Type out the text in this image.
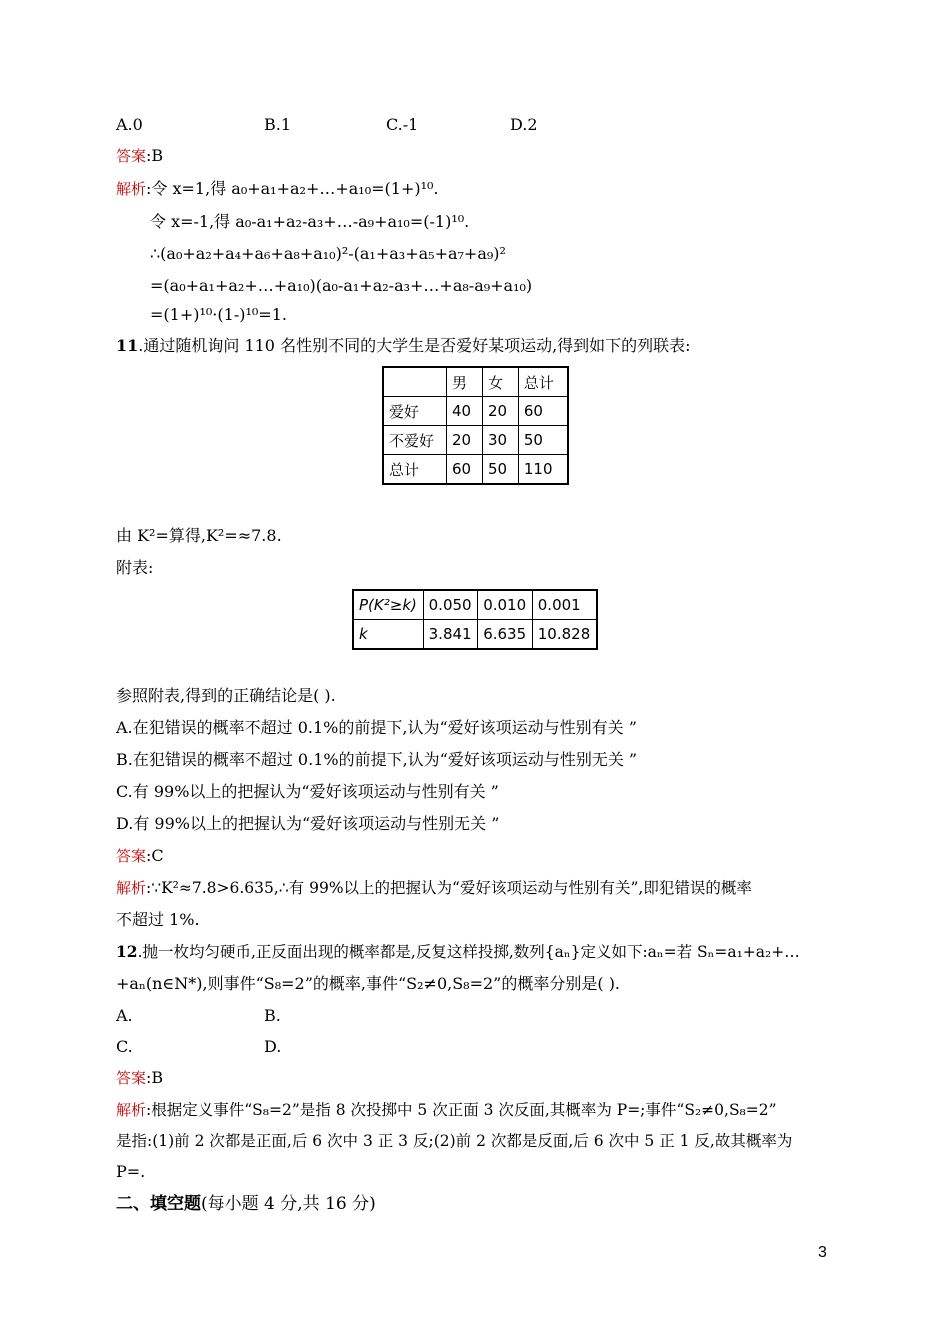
A.0	B.1	C.-1	D.2
答案:B
解析:令 x=1,得 a₀+a₁+a₂+…+a₁₀=(1+)¹⁰.
令 x=-1,得 a₀-a₁+a₂-a₃+…-a₉+a₁₀=(-1)¹⁰.
∴(a₀+a₂+a₄+a₆+a₈+a₁₀)²-(a₁+a₃+a₅+a₇+a₉)²
=(a₀+a₁+a₂+…+a₁₀)(a₀-a₁+a₂-a₃+…+a₈-a₉+a₁₀)
=(1+)¹⁰·(1-)¹⁰=1.
11.通过随机询问 110 名性别不同的大学生是否爱好某项运动,得到如下的列联表:
	男	女	总计
爱好	40	20	60
不爱好	20	30	50
总计	60	50	110
由 K²=算得,K²=≈7.8.
附表:
P(K²≥k)	0.050	0.010	0.001
k	3.841	6.635	10.828
参照附表,得到的正确结论是( ).
A.在犯错误的概率不超过 0.1%的前提下,认为“爱好该项运动与性别有关 ”
B.在犯错误的概率不超过 0.1%的前提下,认为“爱好该项运动与性别无关 ”
C.有 99%以上的把握认为“爱好该项运动与性别有关 ”
D.有 99%以上的把握认为“爱好该项运动与性别无关 ”
答案:C
解析:∵K²≈7.8>6.635,∴有 99%以上的把握认为“爱好该项运动与性别有关”,即犯错误的概率
不超过 1%.
12.抛一枚均匀硬币,正反面出现的概率都是,反复这样投掷,数列{aₙ}定义如下:aₙ=若 Sₙ=a₁+a₂+…
+aₙ(n∈N*),则事件“S₈=2”的概率,事件“S₂≠0,S₈=2”的概率分别是( ).
A.	B.
C.	D.
答案:B
解析:根据定义事件“S₈=2”是指 8 次投掷中 5 次正面 3 次反面,其概率为 P=;事件“S₂≠0,S₈=2”
是指:(1)前 2 次都是正面,后 6 次中 3 正 3 反;(2)前 2 次都是反面,后 6 次中 5 正 1 反,故其概率为
P=.
二、填空题(每小题 4 分,共 16 分)
3
